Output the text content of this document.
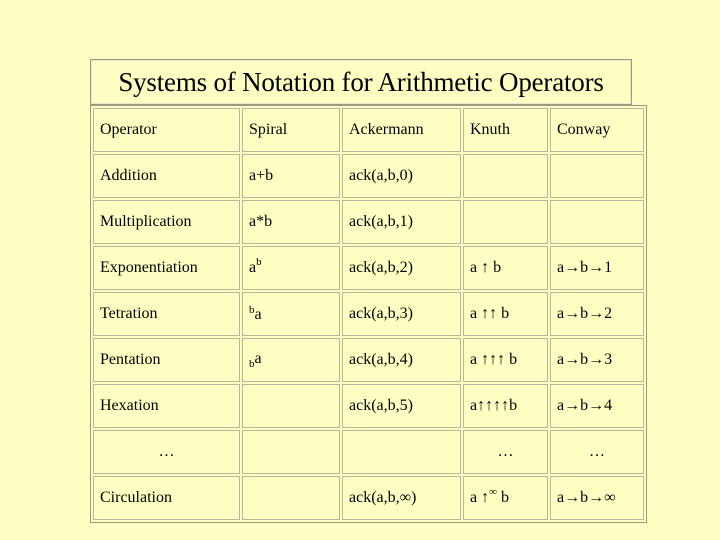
Systems of Notation for Arithmetic Operators
Operator	Spiral	Ackermann	Knuth	Conway
Addition	a+b	ack(a,b,0)		
Multiplication	a*b	ack(a,b,1)		
Exponentiation	$a^b$	ack(a,b,2)	a ↑ b	a→b→1
Tetration	$^b$a	ack(a,b,3)	a ↑↑ b	a→b→2
Pentation	$_b$a	ack(a,b,4)	a ↑↑↑ b	a→b→3
Hexation		ack(a,b,5)	a↑↑↑↑b	a→b→4
…			…	…
Circulation		ack(a,b,∞)	a ↑∞ b	a→b→∞
